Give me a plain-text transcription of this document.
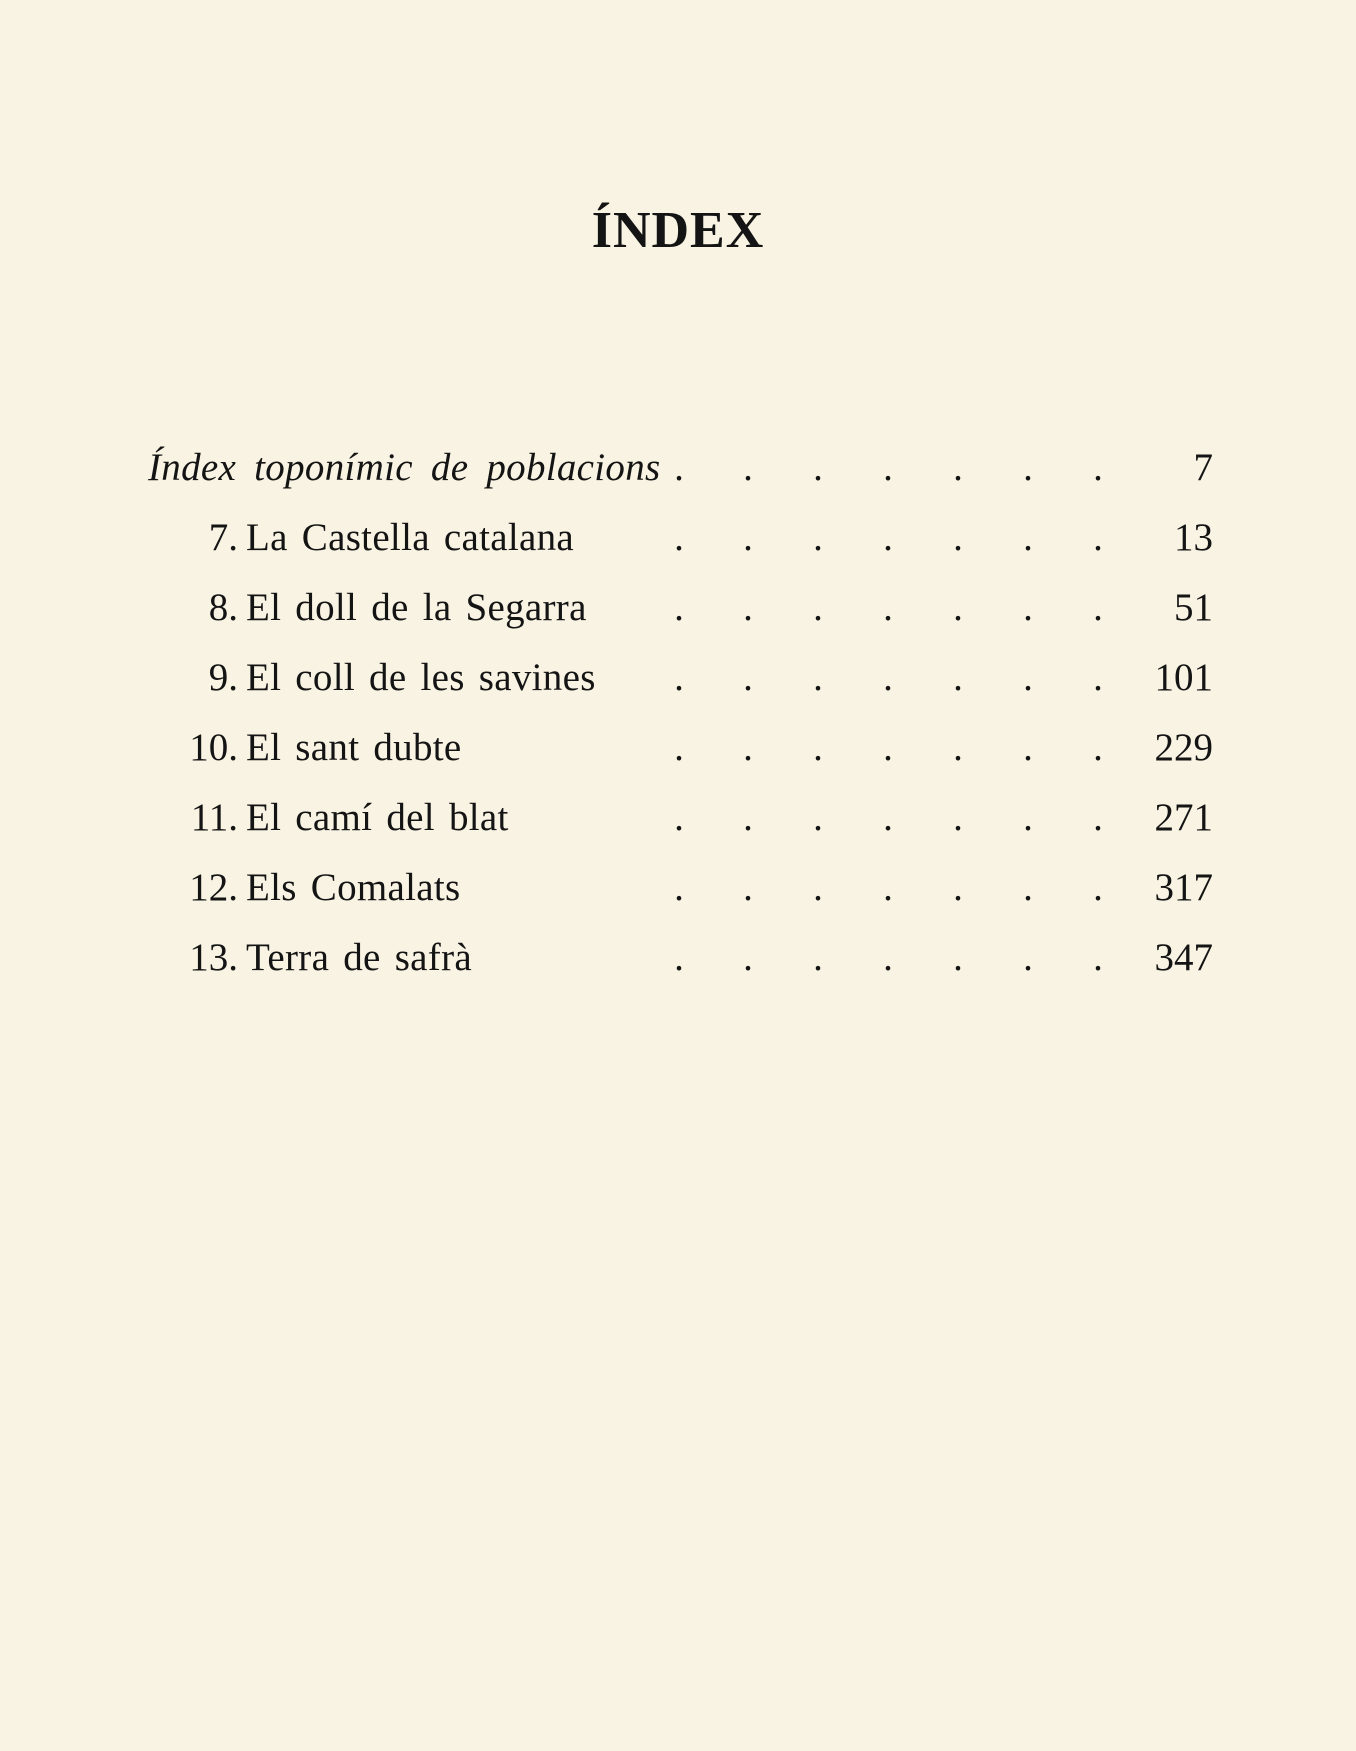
ÍNDEX
Índex toponímic de poblacions . . . . . . . 7
7. La Castella catalana	. . . . . . . 13
8. El doll de la Segarra . . . . . . . 51
9. El coll de les savines . . . . . . . 101
10. El sant dubte	. . . . . . . 229
11. El camí del blat	. . . . . . . 271
12. Els Comalats	. . . . . . . 317
13. Terra de safrà	. . . . . . . 347
